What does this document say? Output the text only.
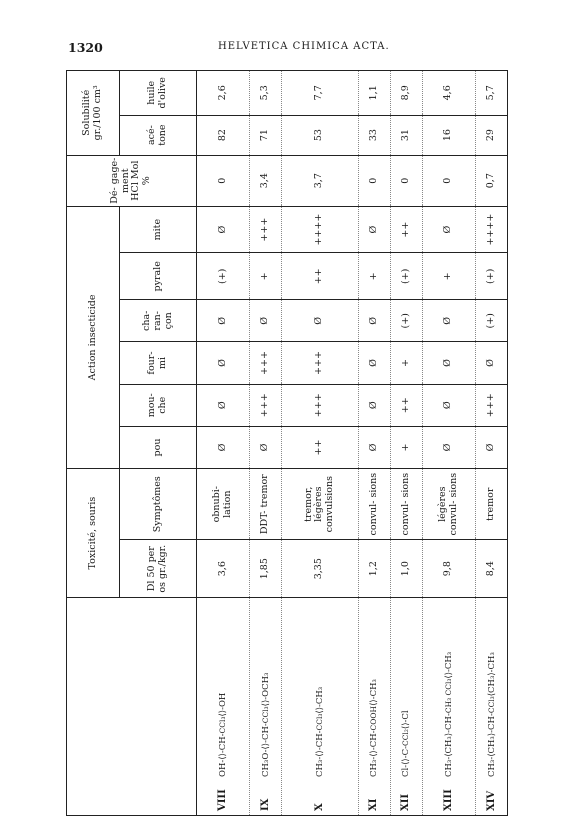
1320	HELVETICA CHIMICA ACTA.
	Toxicité, souris		Action insecticide						Dé- gage- ment HCl Mol %	Solubilité gr./100 cm³	
	Dl 50 per os gr./kgr.	Symptômes	pou	mou- che	four- mi	cha- ran- çon	pyrale	mite		acé- tone	huile d'olive
VIIIOH-⟨⟩-CH-CCl₃⟨⟩-OH	3,6	obnubi- lation	Ø	Ø	Ø	Ø	(+)	Ø	0	82	2,6
IXCH₃O-⟨⟩-CH-CCl₃⟨⟩-OCH₃	1,85	DDT- tremor	Ø	+++	+++	Ø	+	+++	3,4	71	5,3
XCH₃-⟨⟩-CH-CCl₃⟨⟩-CH₃	3,35	tremor, légères convulsions	++	+++	+++	Ø	++	++++	3,7	53	7,7
XICH₃-⟨⟩-CH-COOH⟨⟩-CH₃	1,2	convul- sions	Ø	Ø	Ø	Ø	+	Ø	0	33	1,1
XIICl-⟨⟩-C-CCl₂⟨⟩-Cl	1,0	convul- sions	+	++	+	(+)	(+)	++	0	31	8,9
XIIICH₃-⟨CH₃⟩-CH-CH₃ CCl₃⟨⟩-CH₃	9,8	légères convul- sions	Ø	Ø	Ø	Ø	+	Ø	0	16	4,6
XIVCH₃-⟨CH₃⟩-CH-CCl₃⟨CH₃⟩-CH₃	8,4	tremor	Ø	+++	Ø	(+)	(+)	++++	0,7	29	5,7
